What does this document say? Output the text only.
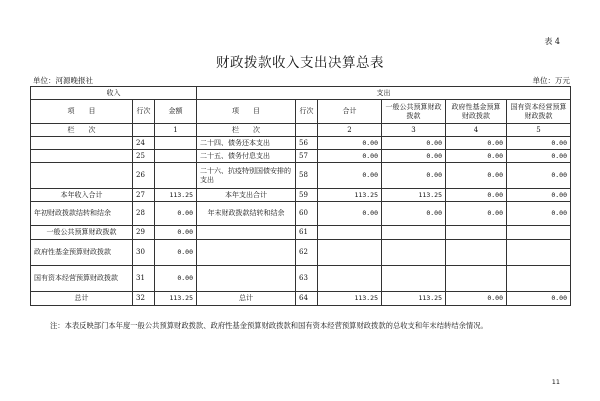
表 4
财政拨款收入支出决算总表
单位：河源晚报社	单位：万元
收入			支出					
项　　目	行次	金额	项　　目	行次	合计	一般公共预算财政拨款	政府性基金预算财政拨款	国有资本经营预算财政拨款
栏　　次		1	栏　　次		2	3	4	5
	24		二十四、债务还本支出	56	0.00	0.00	0.00	0.00
	25		二十五、债务付息支出	57	0.00	0.00	0.00	0.00
	26		二十六、抗疫特别国债安排的支出	58	0.00	0.00	0.00	0.00
本年收入合计	27	113.25	本年支出合计	59	113.25	113.25	0.00	0.00
年初财政拨款结转和结余	28	0.00	年末财政拨款结转和结余	60	0.00	0.00	0.00	0.00
一般公共预算财政拨款	29	0.00		61				
政府性基金预算财政拨款	30	0.00		62				
国有资本经营预算财政拨款	31	0.00		63				
总计	32	113.25	总计	64	113.25	113.25	0.00	0.00
注：本表反映部门本年度一般公共预算财政拨款、政府性基金预算财政拨款和国有资本经营预算财政拨款的总收支和年末结转结余情况。
11
